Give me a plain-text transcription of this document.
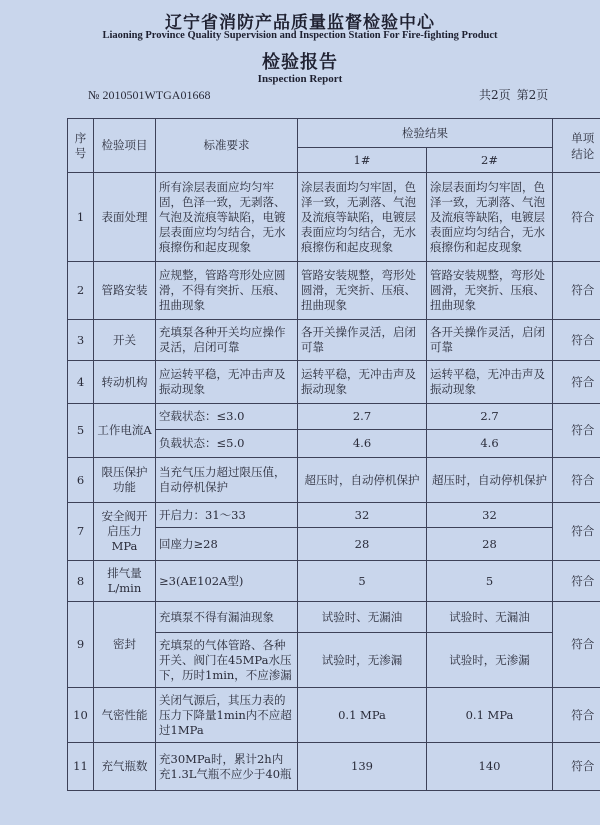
辽宁省消防产品质量监督检验中心
Liaoning Province Quality Supervision and Inspection Station For Fire-fighting Product
检验报告
Inspection Report
№ 2010501WTGA01668	共2页 第2页
序号	检验项目	标准要求	检验结果		单项
结论
			1#	2#	
1	表面处理	所有涂层表面应均匀牢固，色泽一致，无剥落、气泡及流痕等缺陷，电镀层表面应均匀结合，无水痕擦伤和起皮现象	涂层表面均匀牢固，色泽一致，无剥落、气泡及流痕等缺陷，电镀层表面应均匀结合，无水痕擦伤和起皮现象	涂层表面均匀牢固，色泽一致，无剥落、气泡及流痕等缺陷，电镀层表面应均匀结合，无水痕擦伤和起皮现象	符合
2	管路安装	应规整，管路弯形处应圆滑，不得有突折、压痕、扭曲现象	管路安装规整，弯形处圆滑，无突折、压痕、扭曲现象	管路安装规整，弯形处圆滑，无突折、压痕、扭曲现象	符合
3	开关	充填泵各种开关均应操作灵活，启闭可靠	各开关操作灵活，启闭可靠	各开关操作灵活，启闭可靠	符合
4	转动机构	应运转平稳，无冲击声及振动现象	运转平稳，无冲击声及振动现象	运转平稳，无冲击声及振动现象	符合
5	工作电流A	空载状态：≤3.0	2.7	2.7	符合
		负载状态：≤5.0	4.6	4.6	
6	限压保护功能	当充气压力超过限压值，自动停机保护	超压时，自动停机保护	超压时，自动停机保护	符合
7	安全阀开启压力MPa	开启力：31～33	32	32	符合
		回座力≥28	28	28	
8	排气量L/min	≥3(AE102A型)	5	5	符合
9	密封	充填泵不得有漏油现象	试验时、无漏油	试验时、无漏油	符合
		充填泵的气体管路、各种开关、阀门在45MPa水压下，历时1min，不应渗漏	试验时，无渗漏	试验时，无渗漏	
10	气密性能	关闭气源后，其压力表的压力下降量1min内不应超过1MPa	0.1 MPa	0.1 MPa	符合
11	充气瓶数	充30MPa时，累计2h内充1.3L气瓶不应少于40瓶	139	140	符合
